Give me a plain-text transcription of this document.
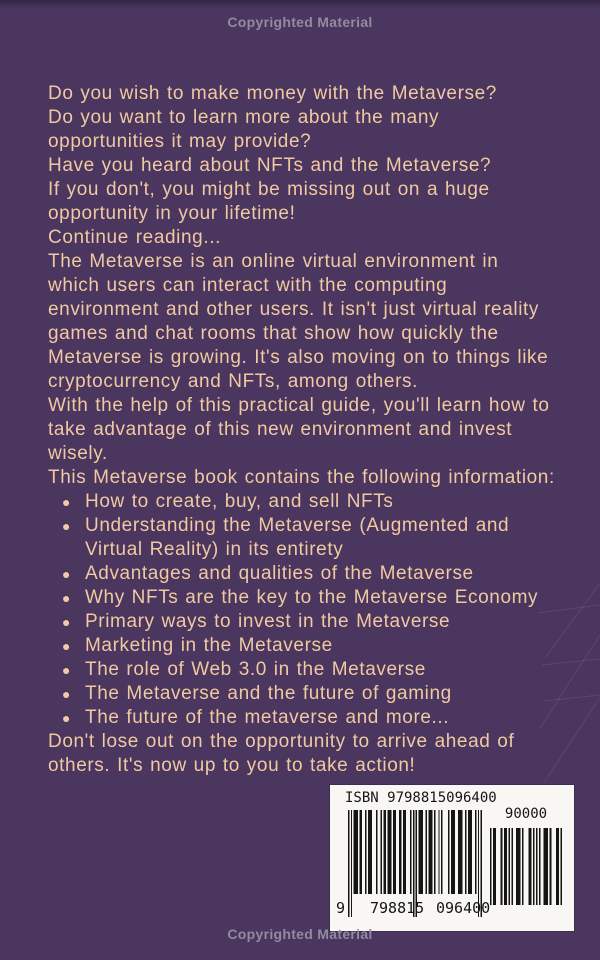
Copyrighted Material

Do you wish to make money with the Metaverse?

Do you want to learn more about the many opportunities it may provide?

Have you heard about NFTs and the Metaverse?

If you don't, you might be missing out on a huge opportunity in your lifetime!

Continue reading...

The Metaverse is an online virtual environment in which users can interact with the computing environment and other users. It isn't just virtual reality games and chat rooms that show how quickly the Metaverse is growing. It's also moving on to things like cryptocurrency and NFTs, among others.

With the help of this practical guide, you'll learn how to take advantage of this new environment and invest wisely.

This Metaverse book contains the following information:

● How to create, buy, and sell NFTs
● Understanding the Metaverse (Augmented and Virtual Reality) in its entirety
● Advantages and qualities of the Metaverse
● Why NFTs are the key to the Metaverse Economy
● Primary ways to invest in the Metaverse
● Marketing in the Metaverse
● The role of Web 3.0 in the Metaverse
● The Metaverse and the future of gaming
● The future of the metaverse and more...

Don't lose out on the opportunity to arrive ahead of others. It's now up to you to take action!

ISBN 9798815096400
9 798815 096400
90000
Copyrighted Material
